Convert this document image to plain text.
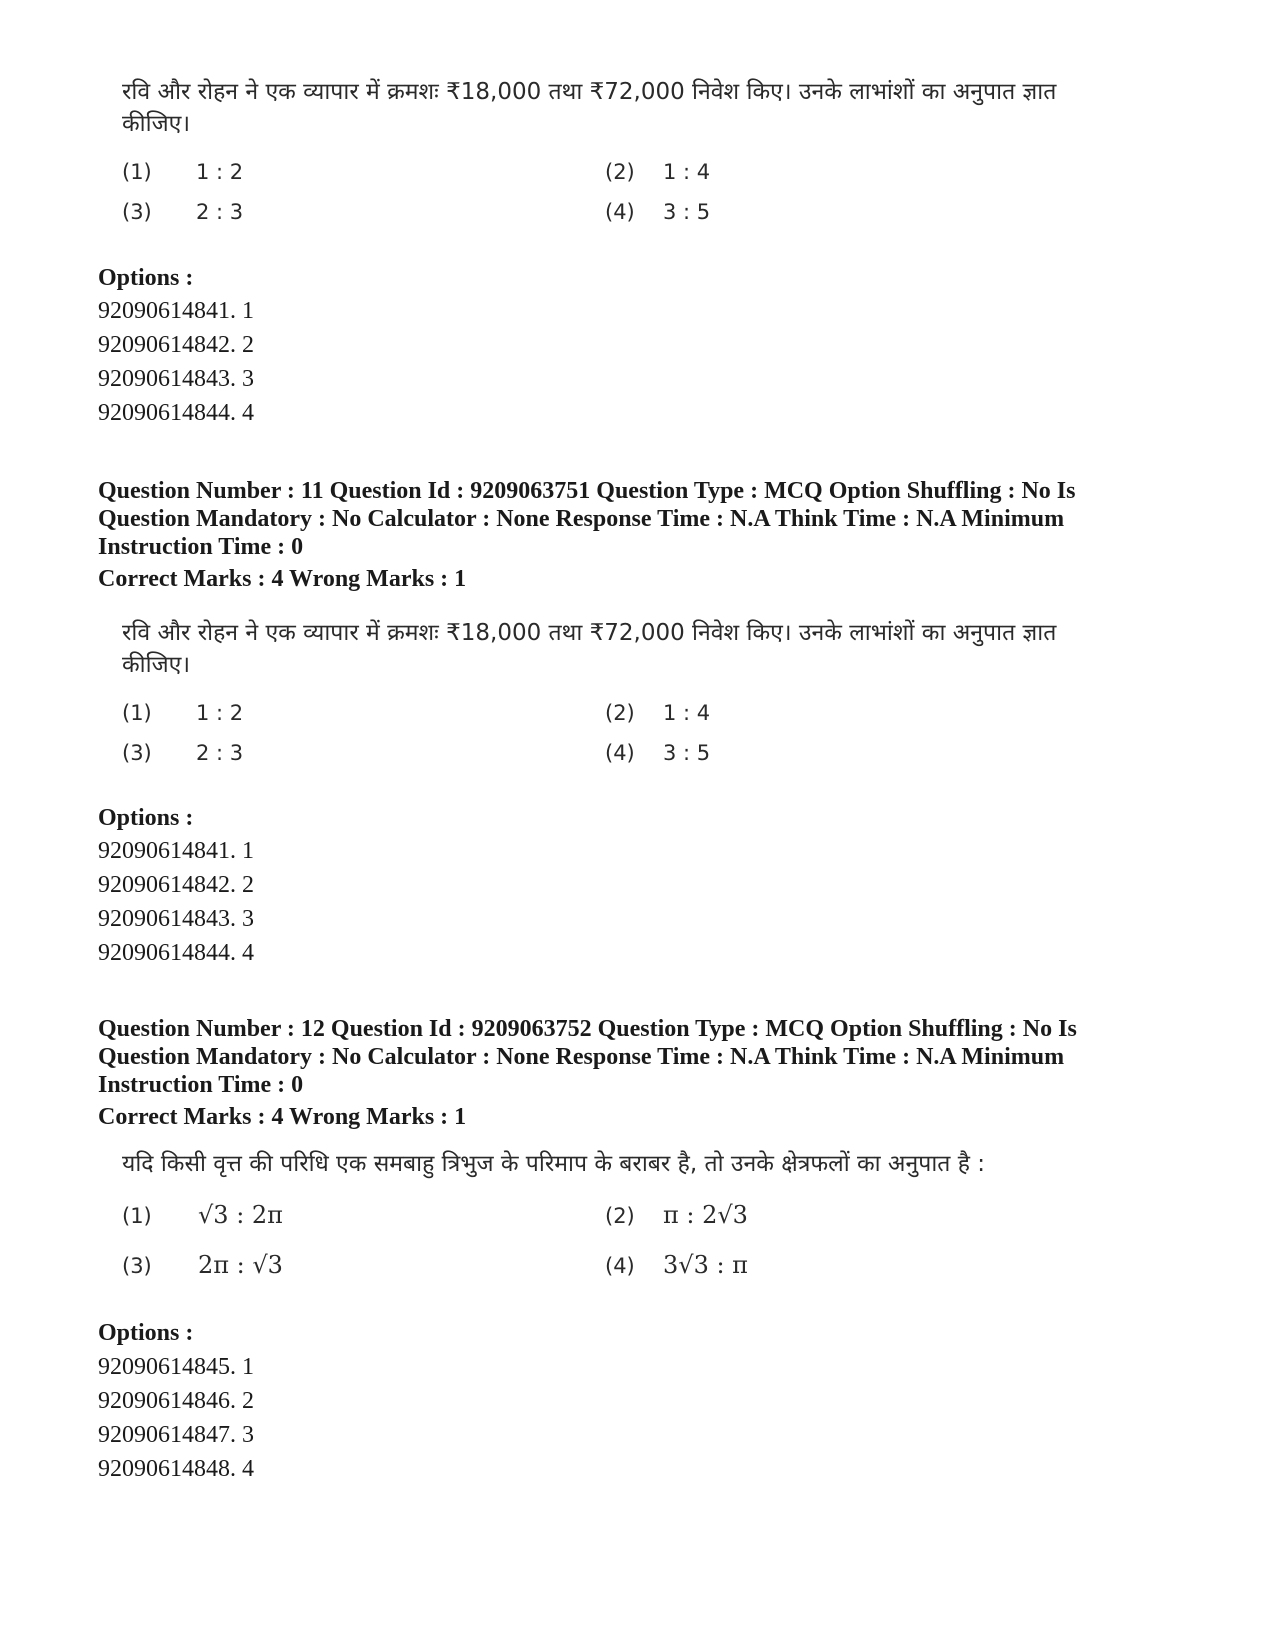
रवि और रोहन ने एक व्यापार में क्रमशः ₹18,000 तथा ₹72,000 निवेश किए। उनके लाभांशों का अनुपात ज्ञात कीजिए।
(1) 1 : 2	(2) 1 : 4
(3) 2 : 3	(4) 3 : 5
Options :
92090614841. 1
92090614842. 2
92090614843. 3
92090614844. 4
Question Number : 11 Question Id : 9209063751 Question Type : MCQ Option Shuffling : No Is Question Mandatory : No Calculator : None Response Time : N.A Think Time : N.A Minimum Instruction Time : 0
Correct Marks : 4 Wrong Marks : 1
रवि और रोहन ने एक व्यापार में क्रमशः ₹18,000 तथा ₹72,000 निवेश किए। उनके लाभांशों का अनुपात ज्ञात कीजिए।
(1) 1 : 2	(2) 1 : 4
(3) 2 : 3	(4) 3 : 5
Options :
92090614841. 1
92090614842. 2
92090614843. 3
92090614844. 4
Question Number : 12 Question Id : 9209063752 Question Type : MCQ Option Shuffling : No Is Question Mandatory : No Calculator : None Response Time : N.A Think Time : N.A Minimum Instruction Time : 0
Correct Marks : 4 Wrong Marks : 1
यदि किसी वृत्त की परिधि एक समबाहु त्रिभुज के परिमाप के बराबर है, तो उनके क्षेत्रफलों का अनुपात है :
(1) √3 : 2π	(2) π : 2√3
(3) 2π : √3	(4) 3√3 : π
Options :
92090614845. 1
92090614846. 2
92090614847. 3
92090614848. 4
